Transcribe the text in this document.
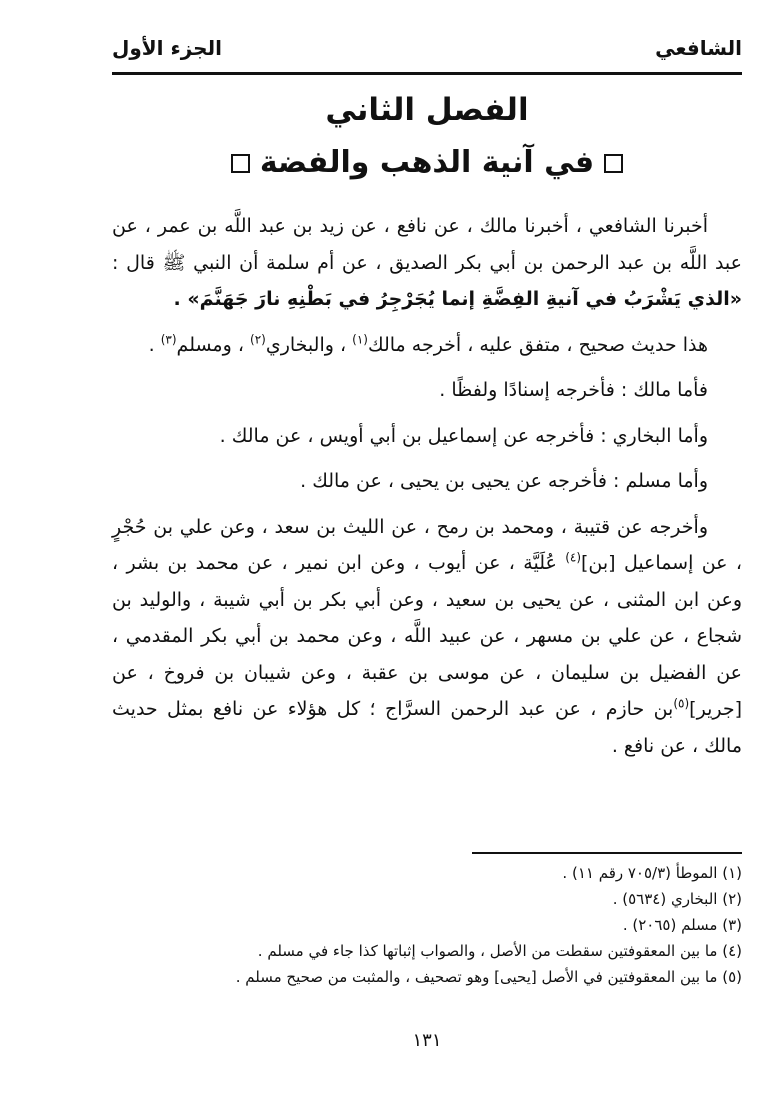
الشافعي
الجزء الأول
الفصل الثاني
في آنية الذهب والفضة

أخبرنا الشافعي ، أخبرنا مالك ، عن نافع ، عن زيد بن عبد اللَّه بن عمر ، عن عبد اللَّه بن عبد الرحمن بن أبي بكر الصديق ، عن أم سلمة أن النبي ﷺ قال : «الذي يَشْرَبُ في آنيةِ الفِضَّةِ إنما يُجَرْجِرُ في بَطْنِهِ نارَ جَهَنَّمَ» .

هذا حديث صحيح ، متفق عليه ، أخرجه مالك$^{(١)}$ ، والبخاري$^{(٢)}$ ، ومسلم$^{(٣)}$ .

فأما مالك : فأخرجه إسنادًا ولفظًا .

وأما البخاري : فأخرجه عن إسماعيل بن أبي أويس ، عن مالك .

وأما مسلم : فأخرجه عن يحيى بن يحيى ، عن مالك .

وأخرجه عن قتيبة ، ومحمد بن رمح ، عن الليث بن سعد ، وعن علي بن حُجْرٍ ، عن إسماعيل [بن]$^{(٤)}$ عُلَيَّة ، عن أيوب ، وعن ابن نمير ، عن محمد بن بشر ، وعن ابن المثنى ، عن يحيى بن سعيد ، وعن أبي بكر بن أبي شيبة ، والوليد بن شجاع ، عن علي بن مسهر ، عن عبيد اللَّه ، وعن محمد بن أبي بكر المقدمي ، عن الفضيل بن سليمان ، عن موسى بن عقبة ، وعن شيبان بن فروخ ، عن [جرير]$^{(٥)}$بن حازم ، عن عبد الرحمن السرَّاج ؛ كل هؤلاء عن نافع بمثل حديث مالك ، عن نافع .

(١) الموطأ (٧٠٥/٣ رقم ١١) .

(٢) البخاري (٥٦٣٤) .

(٣) مسلم (٢٠٦٥) .

(٤) ما بين المعقوفتين سقطت من الأصل ، والصواب إثباتها كذا جاء في مسلم .

(٥) ما بين المعقوفتين في الأصل [يحيى] وهو تصحيف ، والمثبت من صحيح مسلم .

١٣١
